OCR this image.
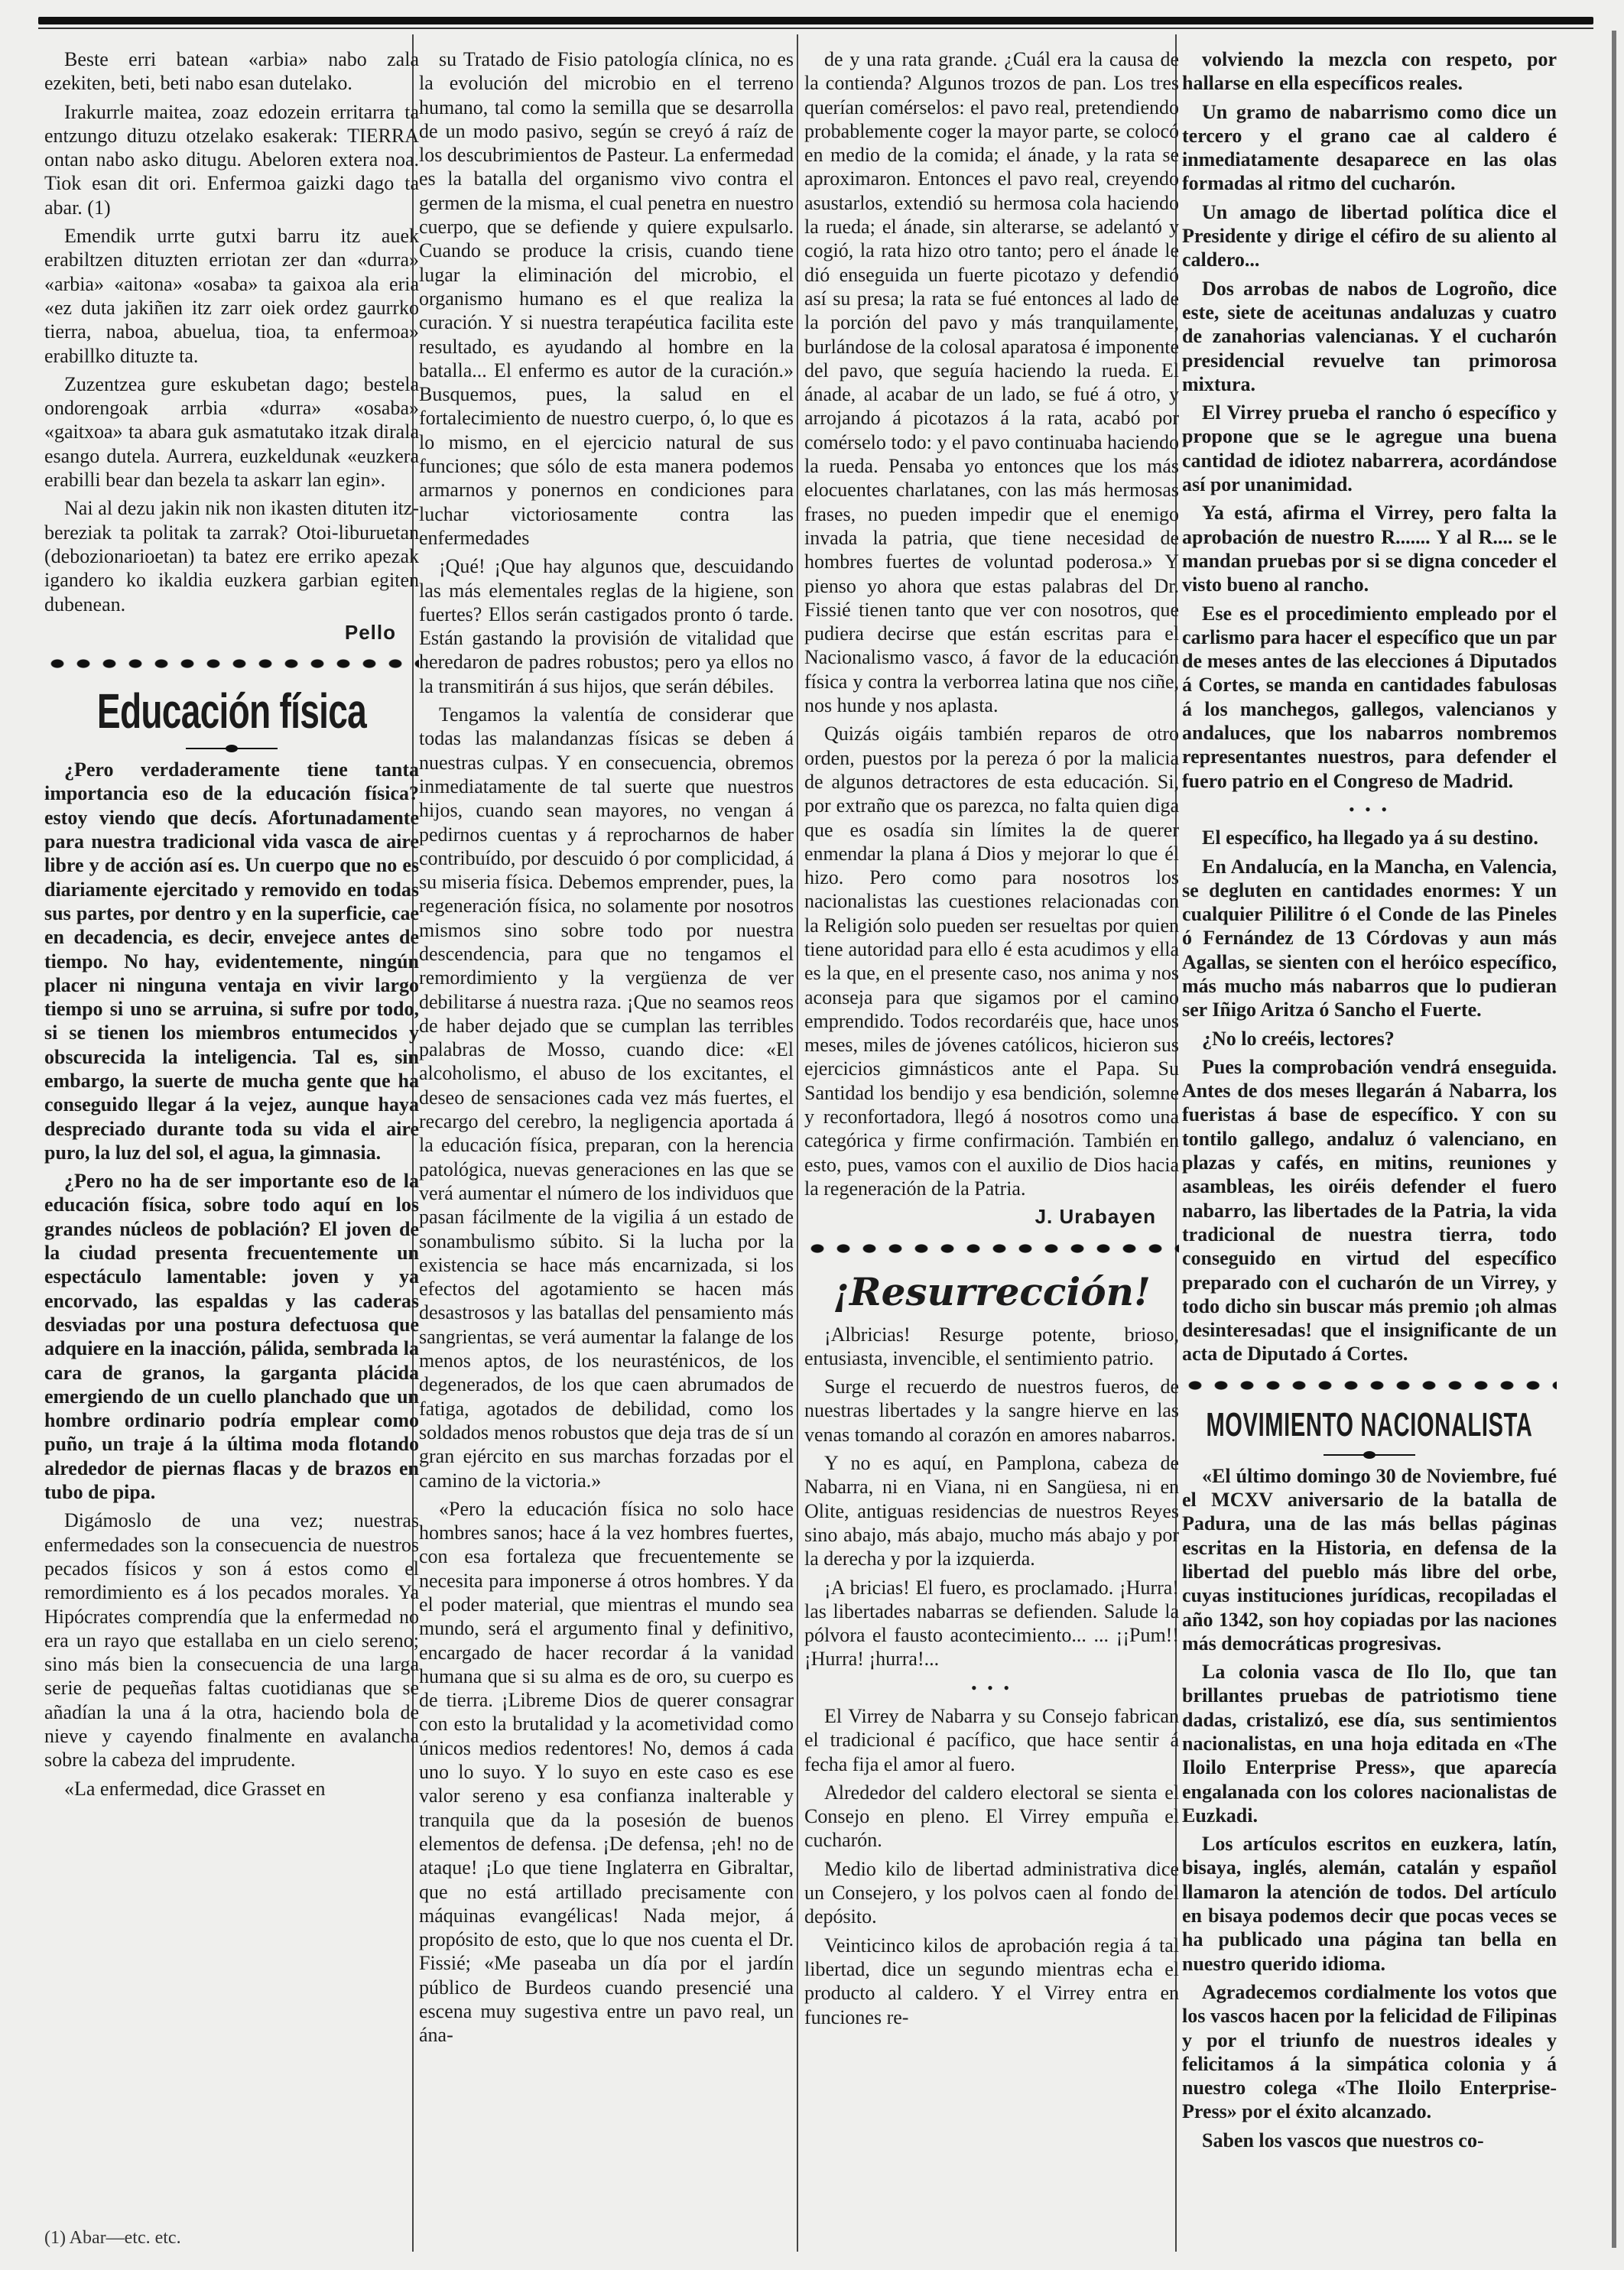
Beste erri batean «arbia» nabo zala ezekiten, beti, beti nabo esan dutelako.

Irakurrle maitea, zoaz edozein erritarra ta entzungo dituzu otzelako esakerak: TIERRA ontan nabo asko ditugu. Abeloren extera noa. Tiok esan dit ori. Enfermoa gaizki dago ta abar. (1)

Emendik urrte gutxi barru itz auek erabiltzen dituzten erriotan zer dan «durra» «arbia» «aitona» «osaba» ta gaixoa ala eria «ez duta jakiñen itz zarr oiek ordez gaurrko tierra, naboa, abuelua, tioa, ta enfermoa» erabillko dituzte ta.

Zuzentzea gure eskubetan dago; bestela ondorengoak arrbia «durra» «osaba» «gaitxoa» ta abara guk asmatutako itzak dirala esango dutela. Aurrera, euzkeldunak «euzkera erabilli bear dan bezela ta askarr lan egin».

Nai al dezu jakin nik non ikasten dituten itz-bereziak ta politak ta zarrak? Otoi-liburuetan (debozionarioetan) ta batez ere erriko apezak igandero ko ikaldia euzkera garbian egiten dubenean.

Pello
Educación física

¿Pero verdaderamente tiene tanta importancia eso de la educación física? estoy viendo que decís. Afortunadamente para nuestra tradicional vida vasca de aire libre y de acción así es. Un cuerpo que no es diariamente ejercitado y removido en todas sus partes, por dentro y en la superficie, cae en decadencia, es decir, envejece antes de tiempo. No hay, evidentemente, ningún placer ni ninguna ventaja en vivir largo tiempo si uno se arruina, si sufre por todo, si se tienen los miembros entumecidos y obscurecida la inteligencia. Tal es, sin embargo, la suerte de mucha gente que ha conseguido llegar á la vejez, aunque haya despreciado durante toda su vida el aire puro, la luz del sol, el agua, la gimnasia.

¿Pero no ha de ser importante eso de la educación física, sobre todo aquí en los grandes núcleos de población? El joven de la ciudad presenta frecuentemente un espectáculo lamentable: joven y ya encorvado, las espaldas y las caderas desviadas por una postura defectuosa que adquiere en la inacción, pálida, sembrada la cara de granos, la garganta plácida emergiendo de un cuello planchado que un hombre ordinario podría emplear como puño, un traje á la última moda flotando alrededor de piernas flacas y de brazos en tubo de pipa.

Digámoslo de una vez; nuestras enfermedades son la consecuencia de nuestros pecados físicos y son á estos como el remordimiento es á los pecados morales. Ya Hipócrates comprendía que la enfermedad no era un rayo que estallaba en un cielo sereno; sino más bien la consecuencia de una larga serie de pequeñas faltas cuotidianas que se añadían la una á la otra, haciendo bola de nieve y cayendo finalmente en avalancha sobre la cabeza del imprudente.

«La enfermedad, dice Grasset en

(1) Abar—etc. etc.

su Tratado de Fisio patología clínica, no es la evolución del microbio en el terreno humano, tal como la semilla que se desarrolla de un modo pasivo, según se creyó á raíz de los descubrimientos de Pasteur. La enfermedad es la batalla del organismo vivo contra el germen de la misma, el cual penetra en nuestro cuerpo, que se defiende y quiere expulsarlo. Cuando se produce la crisis, cuando tiene lugar la eliminación del microbio, el organismo humano es el que realiza la curación. Y si nuestra terapéutica facilita este resultado, es ayudando al hombre en la batalla... El enfermo es autor de la curación.» Busquemos, pues, la salud en el fortalecimiento de nuestro cuerpo, ó, lo que es lo mismo, en el ejercicio natural de sus funciones; que sólo de esta manera podemos armarnos y ponernos en condiciones para luchar victoriosamente contra las enfermedades

¡Qué! ¡Que hay algunos que, descuidando las más elementales reglas de la higiene, son fuertes? Ellos serán castigados pronto ó tarde. Están gastando la provisión de vitalidad que heredaron de padres robustos; pero ya ellos no la transmitirán á sus hijos, que serán débiles.

Tengamos la valentía de considerar que todas las malandanzas físicas se deben á nuestras culpas. Y en consecuencia, obremos inmediatamente de tal suerte que nuestros hijos, cuando sean mayores, no vengan á pedirnos cuentas y á reprocharnos de haber contribuído, por descuido ó por complicidad, á su miseria física. Debemos emprender, pues, la regeneración física, no solamente por nosotros mismos sino sobre todo por nuestra descendencia, para que no tengamos el remordimiento y la vergüenza de ver debilitarse á nuestra raza. ¡Que no seamos reos de haber dejado que se cumplan las terribles palabras de Mosso, cuando dice: «El alcoholismo, el abuso de los excitantes, el deseo de sensaciones cada vez más fuertes, el recargo del cerebro, la negligencia aportada á la educación física, preparan, con la herencia patológica, nuevas generaciones en las que se verá aumentar el número de los individuos que pasan fácilmente de la vigilia á un estado de sonambulismo súbito. Si la lucha por la existencia se hace más encarnizada, si los efectos del agotamiento se hacen más desastrosos y las batallas del pensamiento más sangrientas, se verá aumentar la falange de los menos aptos, de los neurasténicos, de los degenerados, de los que caen abrumados de fatiga, agotados de debilidad, como los soldados menos robustos que deja tras de sí un gran ejército en sus marchas forzadas por el camino de la victoria.»

«Pero la educación física no solo hace hombres sanos; hace á la vez hombres fuertes, con esa fortaleza que frecuentemente se necesita para imponerse á otros hombres. Y da el poder material, que mientras el mundo sea mundo, será el argumento final y definitivo, encargado de hacer recordar á la vanidad humana que si su alma es de oro, su cuerpo es de tierra. ¡Libreme Dios de querer consagrar con esto la brutalidad y la acometividad como únicos medios redentores! No, demos á cada uno lo suyo. Y lo suyo en este caso es ese valor sereno y esa confianza inalterable y tranquila que da la posesión de buenos elementos de defensa. ¡De defensa, ¡eh! no de ataque! ¡Lo que tiene Inglaterra en Gibraltar, que no está artillado precisamente con máquinas evangélicas! Nada mejor, á propósito de esto, que lo que nos cuenta el Dr. Fissié; «Me paseaba un día por el jardín público de Burdeos cuando presencié una escena muy sugestiva entre un pavo real, un ána-

de y una rata grande. ¿Cuál era la causa de la contienda? Algunos trozos de pan. Los tres querían comérselos: el pavo real, pretendiendo probablemente coger la mayor parte, se colocó en medio de la comida; el ánade, y la rata se aproximaron. Entonces el pavo real, creyendo asustarlos, extendió su hermosa cola haciendo la rueda; el ánade, sin alterarse, se adelantó y cogió, la rata hizo otro tanto; pero el ánade le dió enseguida un fuerte picotazo y defendió así su presa; la rata se fué entonces al lado de la porción del pavo y más tranquilamente, burlándose de la colosal aparatosa é imponente del pavo, que seguía haciendo la rueda. El ánade, al acabar de un lado, se fué á otro, y arrojando á picotazos á la rata, acabó por comérselo todo: y el pavo continuaba haciendo la rueda. Pensaba yo entonces que los más elocuentes charlatanes, con las más hermosas frases, no pueden impedir que el enemigo invada la patria, que tiene necesidad de hombres fuertes de voluntad poderosa.» Y pienso yo ahora que estas palabras del Dr. Fissié tienen tanto que ver con nosotros, que pudiera decirse que están escritas para el Nacionalismo vasco, á favor de la educación física y contra la verborrea latina que nos ciñe, nos hunde y nos aplasta.

Quizás oigáis también reparos de otro orden, puestos por la pereza ó por la malicia de algunos detractores de esta educación. Si, por extraño que os parezca, no falta quien diga que es osadía sin límites la de querer enmendar la plana á Dios y mejorar lo que él hizo. Pero como para nosotros los nacionalistas las cuestiones relacionadas con la Religión solo pueden ser resueltas por quien tiene autoridad para ello é esta acudimos y ella es la que, en el presente caso, nos anima y nos aconseja para que sigamos por el camino emprendido. Todos recordaréis que, hace unos meses, miles de jóvenes católicos, hicieron sus ejercicios gimnásticos ante el Papa. Su Santidad los bendijo y esa bendición, solemne y reconfortadora, llegó á nosotros como una categórica y firme confirmación. También en esto, pues, vamos con el auxilio de Dios hacia la regeneración de la Patria.

J. Urabayen
¡Resurrección!

¡Albricias! Resurge potente, brioso, entusiasta, invencible, el sentimiento patrio.

Surge el recuerdo de nuestros fueros, de nuestras libertades y la sangre hierve en las venas tomando al corazón en amores nabarros.

Y no es aquí, en Pamplona, cabeza de Nabarra, ni en Viana, ni en Sangüesa, ni en Olite, antiguas residencias de nuestros Reyes sino abajo, más abajo, mucho más abajo y por la derecha y por la izquierda.

¡A bricias! El fuero, es proclamado. ¡Hurra! las libertades nabarras se defienden. Salude la pólvora el fausto acontecimiento... ... ¡¡Pum!! ¡Hurra! ¡hurra!...

• • •

El Virrey de Nabarra y su Consejo fabrican el tradicional é pacífico, que hace sentir á fecha fija el amor al fuero.

Alrededor del caldero electoral se sienta el Consejo en pleno. El Virrey empuña el cucharón.

Medio kilo de libertad administrativa dice un Consejero, y los polvos caen al fondo del depósito.

Veinticinco kilos de aprobación regia á tal libertad, dice un segundo mientras echa el producto al caldero. Y el Virrey entra en funciones re-

volviendo la mezcla con respeto, por hallarse en ella específicos reales.

Un gramo de nabarrismo como dice un tercero y el grano cae al caldero é inmediatamente desaparece en las olas formadas al ritmo del cucharón.

Un amago de libertad política dice el Presidente y dirige el céfiro de su aliento al caldero...

Dos arrobas de nabos de Logroño, dice este, siete de aceitunas andaluzas y cuatro de zanahorias valencianas. Y el cucharón presidencial revuelve tan primorosa mixtura.

El Virrey prueba el rancho ó específico y propone que se le agregue una buena cantidad de idiotez nabarrera, acordándose así por unanimidad.

Ya está, afirma el Virrey, pero falta la aprobación de nuestro R....... Y al R.... se le mandan pruebas por si se digna conceder el visto bueno al rancho.

Ese es el procedimiento empleado por el carlismo para hacer el específico que un par de meses antes de las elecciones á Diputados á Cortes, se manda en cantidades fabulosas á los manchegos, gallegos, valencianos y andaluces, que los nabarros nombremos representantes nuestros, para defender el fuero patrio en el Congreso de Madrid.

• • •

El específico, ha llegado ya á su destino.

En Andalucía, en la Mancha, en Valencia, se degluten en cantidades enormes: Y un cualquier Pililitre ó el Conde de las Pineles ó Fernández de 13 Córdovas y aun más Agallas, se sienten con el heróico específico, más mucho más nabarros que lo pudieran ser Iñigo Aritza ó Sancho el Fuerte.

¿No lo creéis, lectores?

Pues la comprobación vendrá enseguida. Antes de dos meses llegarán á Nabarra, los fueristas á base de específico. Y con su tontilo gallego, andaluz ó valenciano, en plazas y cafés, en mitins, reuniones y asambleas, les oiréis defender el fuero nabarro, las libertades de la Patria, la vida tradicional de nuestra tierra, todo conseguido en virtud del específico preparado con el cucharón de un Virrey, y todo dicho sin buscar más premio ¡oh almas desinteresadas! que el insignificante de un acta de Diputado á Cortes.

MOVIMIENTO NACIONALISTA

«El último domingo 30 de Noviembre, fué el MCXV aniversario de la batalla de Padura, una de las más bellas páginas escritas en la Historia, en defensa de la libertad del pueblo más libre del orbe, cuyas instituciones jurídicas, recopiladas el año 1342, son hoy copiadas por las naciones más democráticas progresivas.

La colonia vasca de Ilo Ilo, que tan brillantes pruebas de patriotismo tiene dadas, cristalizó, ese día, sus sentimientos nacionalistas, en una hoja editada en «The Iloilo Enterprise Press», que aparecía engalanada con los colores nacionalistas de Euzkadi.

Los artículos escritos en euzkera, latín, bisaya, inglés, alemán, catalán y español llamaron la atención de todos. Del artículo en bisaya podemos decir que pocas veces se ha publicado una página tan bella en nuestro querido idioma.

Agradecemos cordialmente los votos que los vascos hacen por la felicidad de Filipinas y por el triunfo de nuestros ideales y felicitamos á la simpática colonia y á nuestro colega «The Iloilo Enterprise-Press» por el éxito alcanzado.

Saben los vascos que nuestros co-
